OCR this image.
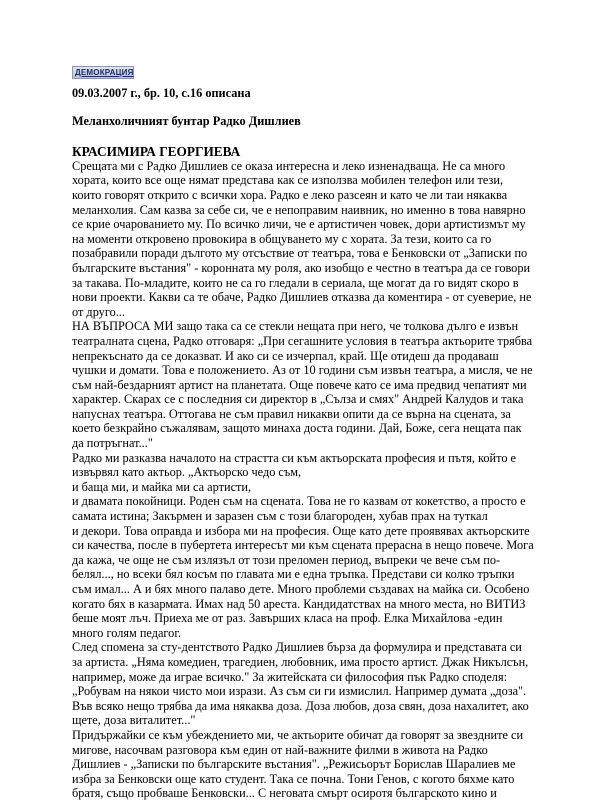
ДЕМОКРАЦИЯ
09.03.2007 г., бр. 10, с.16 описана
Меланхоличният бунтар Радко Дишлиев
КРАСИМИРА ГЕОРГИЕВА

Срещата ми с Радко Дишлиев се оказа интересна и леко изненадваща. Не са много

хората, които все още нямат представа как се използва мобилен телефон или тези,

които говорят открито с всички хора. Радко е леко разсеян и като че ли таи някаква

меланхолия. Сам казва за себе си, че е непоправим наивник, но именно в това навярно

се крие очарованието му. По всичко личи, че е артистичен човек, дори артистизмът му

на моменти откровено провокира в общуването му с хората. За тези, които са го

позабравили поради дългото му отсъствие от театъра, това е Бенковски от „Записки по

българските въстания" - коронната му роля, ако изобщо е честно в театъра да се говори

за такава. По-младите, които не са го гледали в сериала, ще могат да го видят скоро в

нови проекти. Какви са те обаче, Радко Дишлиев отказва да коментира - от суеверие, не

от друго...

НА ВЪПРОСА МИ защо така са се стекли нещата при него, че толкова дълго е извън

театралната сцена, Радко отговаря: „При сегашните условия в театъра актьорите трябва

непрекъснато да се доказват. И ако си се изчерпал, край. Ще отидеш да продаваш

чушки и домати. Това е положението. Аз от 10 години съм извън театъра, а мисля, че не

съм най-бездарният артист на планетата. Още повече като се има предвид чепатият ми

характер. Скарах се с последния си директор в „Сълза и смях" Андрей Калудов и така

напуснах театъра. Оттогава не съм правил никакви опити да се върна на сцената, за

което безкрайно съжалявам, защото минаха доста години. Дай, Боже, сега нещата пак

да потръгнат..."

Радко ми разказва началото на страстта си към актьорската професия и пътя, който е

извървял като актьор. „Актьорско чедо съм,

и баща ми, и майка ми са артисти,

и двамата покойници. Роден съм на сцената. Това не го казвам от кокетство, а просто е

самата истина; Закърмен и заразен съм с този благороден, хубав прах на туткал

и декори. Това оправда и избора ми на професия. Още като дете проявявах актьорските

си качества, после в пубертета интересът ми към сцената прерасна в нещо повече. Мога

да кажа, че още не съм излязъл от този преломен период, въпреки че вече съм по-

белял..., но всеки бял косъм по главата ми е една тръпка. Представи си колко тръпки

съм имал... А и бях много палаво дете. Много проблеми създавах на майка си. Особено

когато бях в казармата. Имах над 50 ареста. Кандидатствах на много места, но ВИТИЗ

беше моят лъч. Приеха ме от раз. Завърших класа на проф. Елка Михайлова -един

много голям педагог.

След спомена за сту-дентството Радко Дишлиев бърза да формулира и представата си

за артиста. „Няма комедиен, трагедиен, любовник, има просто артист. Джак Никълсън,

например, може да играе всичко." За житейската си философия пък Радко споделя:

„Робувам на някои чисто мои изрази. Аз съм си ги измислил. Например думата „доза".

Във всяко нещо трябва да има някаква доза. Доза любов, доза свян, доза нахалитет, ако

щете, доза виталитет..."

Придържайки се към убеждението ми, че актьорите обичат да говорят за звездните си

мигове, насочвам разговора към един от най-важните филми в живота на Радко

Дишлиев - „Записки по българските въстания". „Режисьорът Борислав Шаралиев ме

избра за Бенковски още като студент. Така се почна. Тони Генов, с когото бяхме като

братя, също пробваше Бенковски... С неговата смърт осиротя българското кино и
